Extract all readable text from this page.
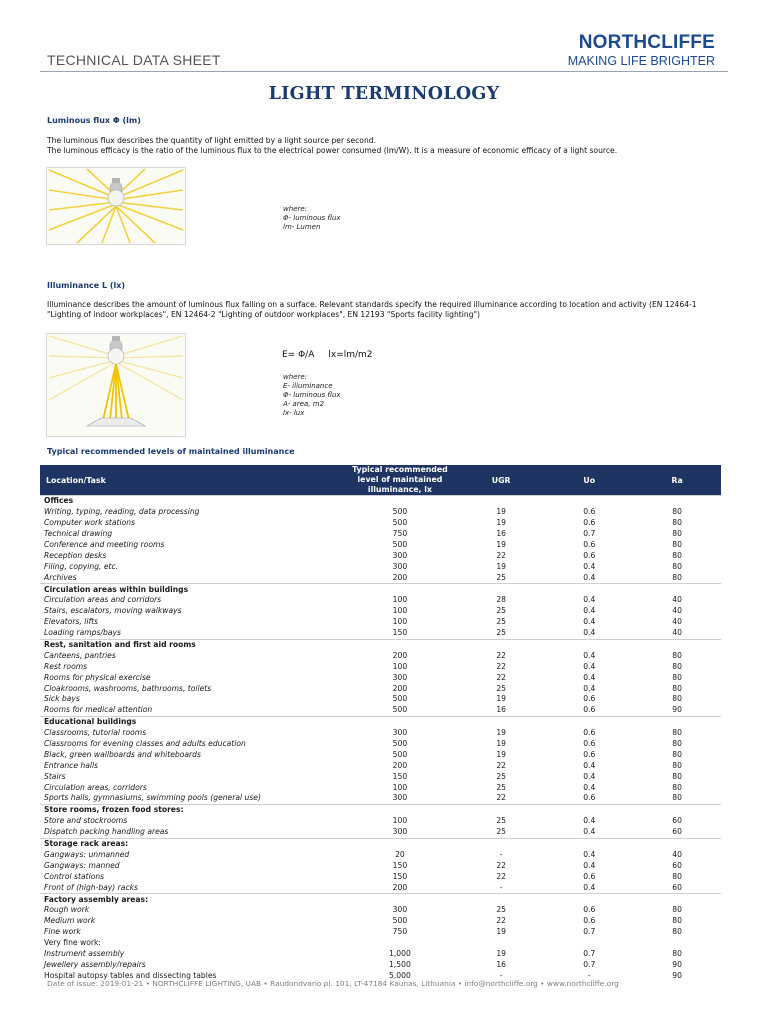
TECHNICAL DATA SHEET
NORTHCLIFFE
MAKING LIFE BRIGHTER
LIGHT TERMINOLOGY
Luminous flux Φ (lm)
The luminous flux describes the quantity of light emitted by a light source per second.
The luminous efficacy is the ratio of the luminous flux to the electrical power consumed (lm/W). It is a measure of economic efficacy of a light source.
where:
Φ- luminous flux
lm- Lumen
Illuminance L (lx)
Illuminance describes the amount of luminous flux falling on a surface. Relevant standards specify the required illuminance according to location and activity (EN 12464-1 "Lighting of indoor workplaces", EN 12464-2 "Lighting of outdoor workplaces", EN 12193 "Sports facility lighting")
E= Φ/A lx=lm/m2
where:
E- illuminance
Φ- luminous flux
A- area, m2
lx- lux
Typical recommended levels of maintained illuminance
Location/Task	Typical recommended level of maintained illuminance, lx	UGR	Uo	Ra
Offices				
Writing, typing, reading, data processing	500	19	0.6	80
Computer work stations	500	19	0.6	80
Technical drawing	750	16	0.7	80
Conference and meeting rooms	500	19	0.6	80
Reception desks	300	22	0.6	80
Filing, copying, etc.	300	19	0.4	80
Archives	200	25	0.4	80
Circulation areas within buildings				
Circulation areas and corridors	100	28	0.4	40
Stairs, escalators, moving walkways	100	25	0.4	40
Elevators, lifts	100	25	0.4	40
Loading ramps/bays	150	25	0.4	40
Rest, sanitation and first aid rooms				
Canteens, pantries	200	22	0.4	80
Rest rooms	100	22	0.4	80
Rooms for physical exercise	300	22	0.4	80
Cloakrooms, washrooms, bathrooms, toilets	200	25	0.4	80
Sick bays	500	19	0.6	80
Rooms for medical attention	500	16	0.6	90
Educational buildings				
Classrooms, tutorial rooms	300	19	0.6	80
Classrooms for evening classes and adults education	500	19	0.6	80
Black, green wallboards and whiteboards	500	19	0.6	80
Entrance halls	200	22	0.4	80
Stairs	150	25	0.4	80
Circulation areas, corridors	100	25	0.4	80
Sports halls, gymnasiums, swimming pools (general use)	300	22	0.6	80
Store rooms, frozen food stores:				
Store and stockrooms	100	25	0.4	60
Dispatch packing handling areas	300	25	0.4	60
Storage rack areas:				
Gangways: unmanned	20	-	0.4	40
Gangways: manned	150	22	0.4	60
Control stations	150	22	0.6	80
Front of (high-bay) racks	200	-	0.4	60
Factory assembly areas:				
Rough work	300	25	0.6	80
Medium work	500	22	0.6	80
Fine work	750	19	0.7	80
Very fine work:				
Instrument assembly	1,000	19	0.7	80
Jewellery assembly/repairs	1,500	16	0.7	90
Hospital autopsy tables and dissecting tables	5,000	-	-	90
Date of issue: 2019-01-21 • NORTHCLIFFE LIGHTING, UAB • Raudondvario pl. 101, LT-47184 Kaunas, Lithuania • info@northcliffe.org • www.northcliffe.org
